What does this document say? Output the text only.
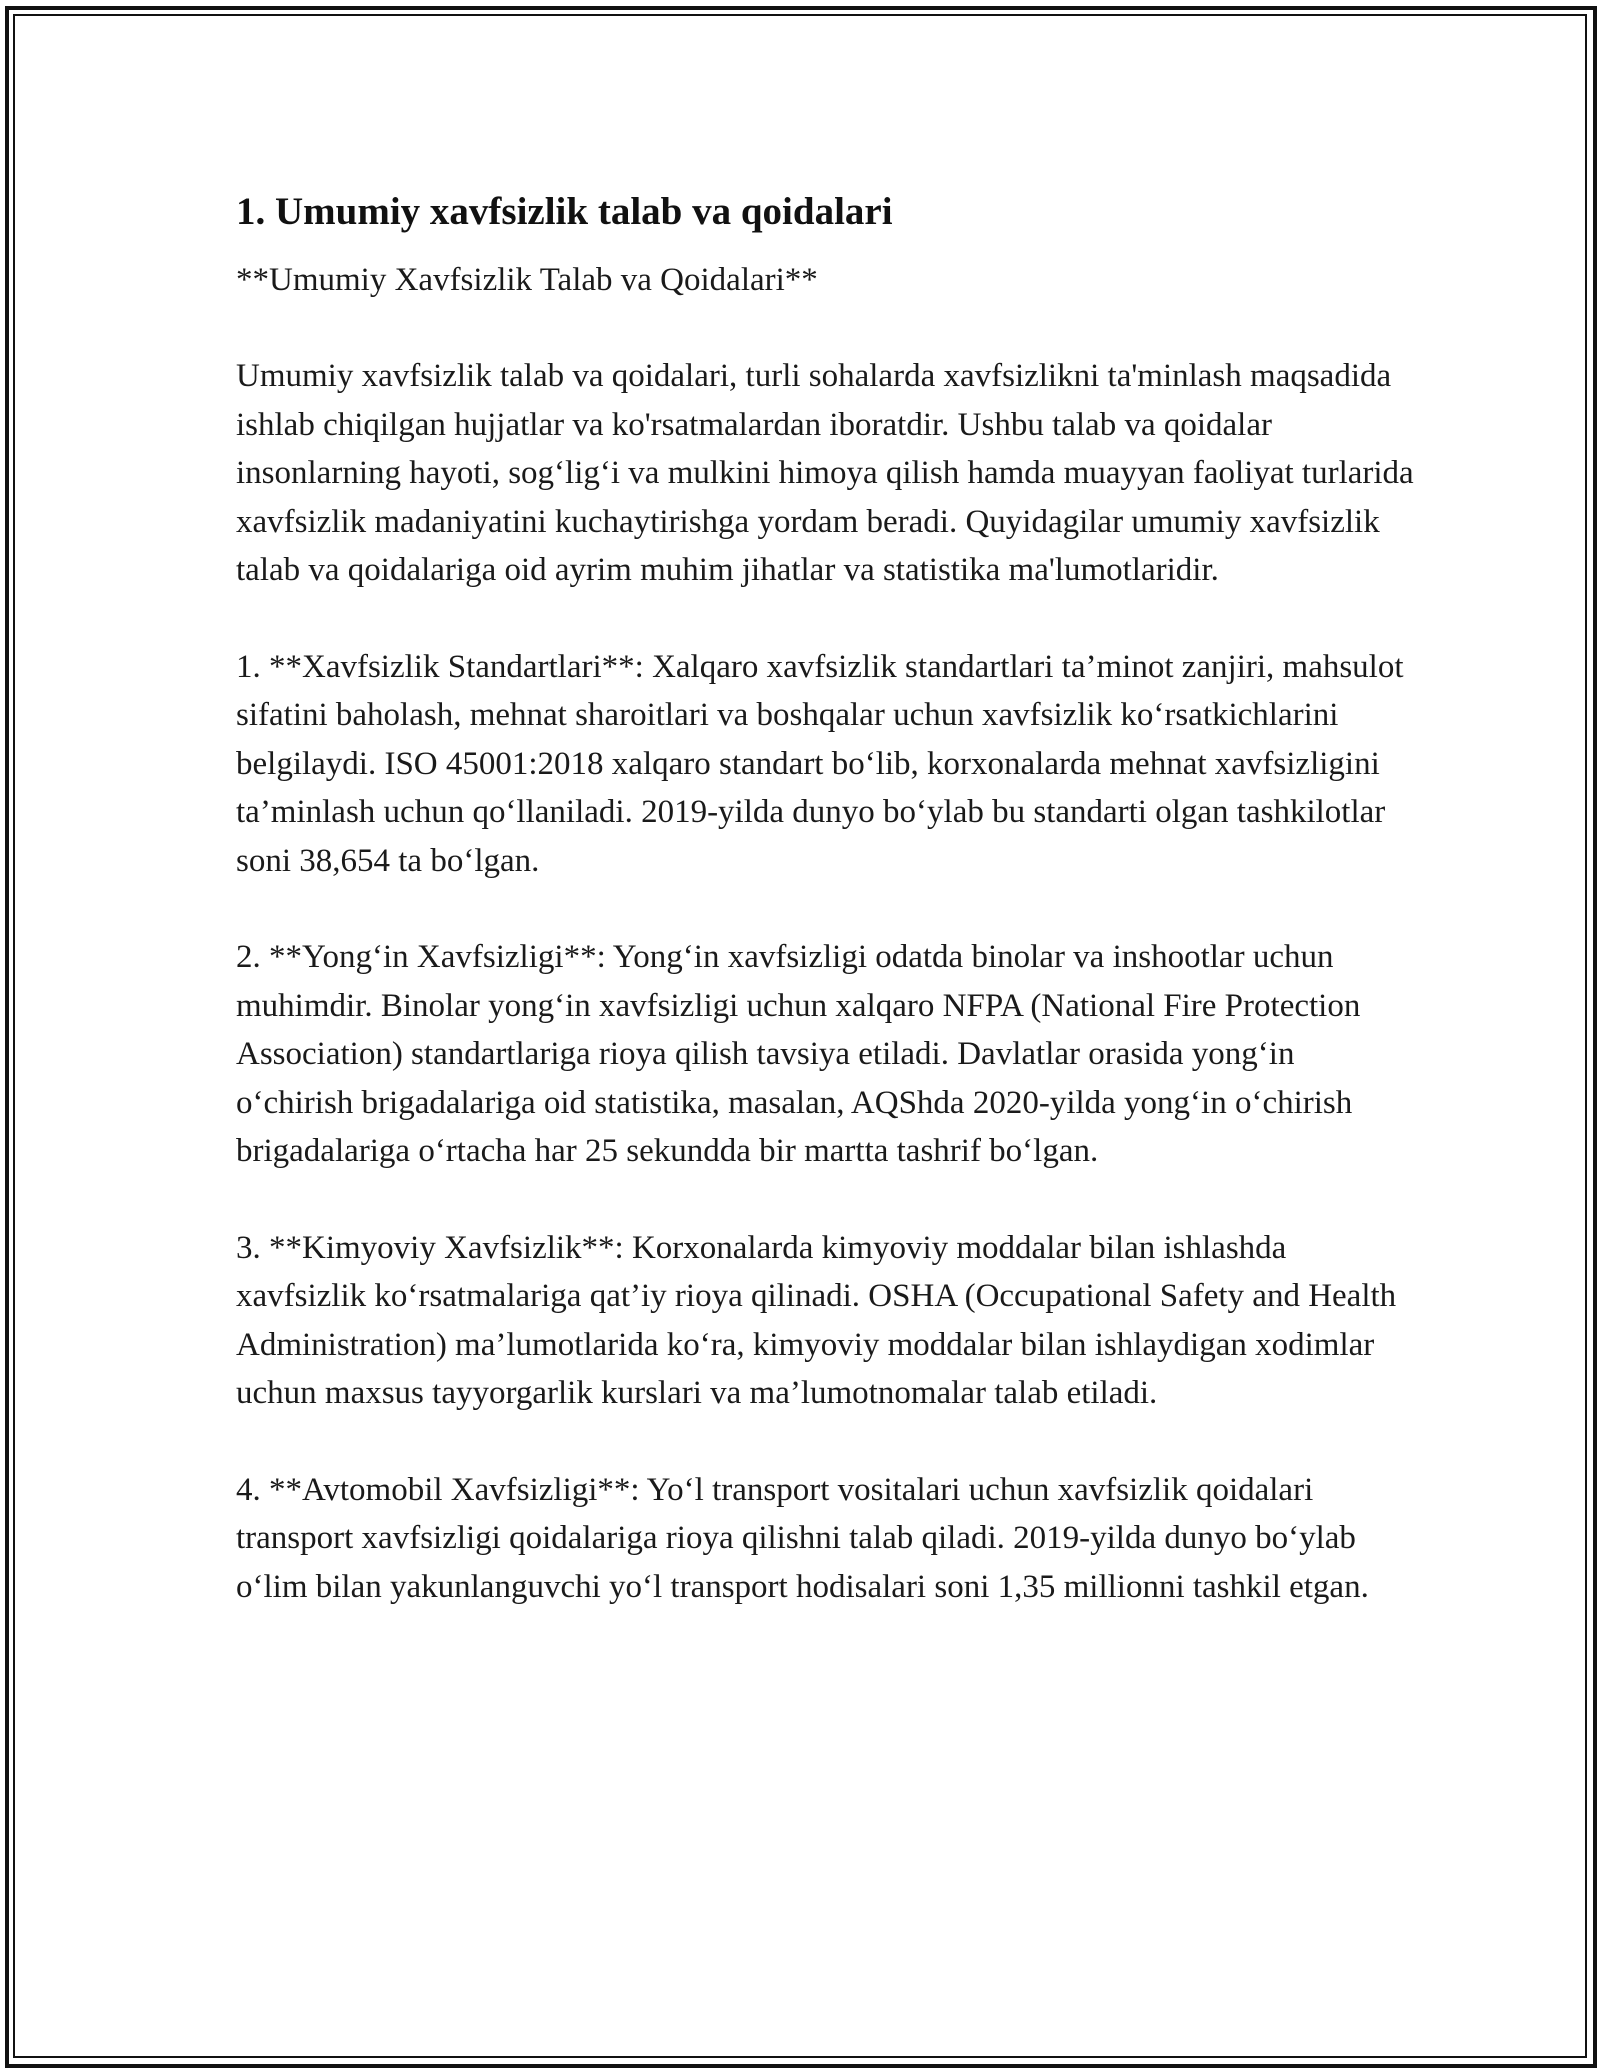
1. Umumiy xavfsizlik talab va qoidalari

**Umumiy Xavfsizlik Talab va Qoidalari**

Umumiy xavfsizlik talab va qoidalari, turli sohalarda xavfsizlikni ta'minlash maqsadida ishlab chiqilgan hujjatlar va ko'rsatmalardan iboratdir. Ushbu talab va qoidalar insonlarning hayoti, sog‘lig‘i va mulkini himoya qilish hamda muayyan faoliyat turlarida xavfsizlik madaniyatini kuchaytirishga yordam beradi. Quyidagilar umumiy xavfsizlik talab va qoidalariga oid ayrim muhim jihatlar va statistika ma'lumotlaridir.

1. **Xavfsizlik Standartlari**: Xalqaro xavfsizlik standartlari ta’minot zanjiri, mahsulot sifatini baholash, mehnat sharoitlari va boshqalar uchun xavfsizlik ko‘rsatkichlarini belgilaydi. ISO 45001:2018 xalqaro standart bo‘lib, korxonalarda mehnat xavfsizligini ta’minlash uchun qo‘llaniladi. 2019-yilda dunyo bo‘ylab bu standarti olgan tashkilotlar soni 38,654 ta bo‘lgan.

2. **Yong‘in Xavfsizligi**: Yong‘in xavfsizligi odatda binolar va inshootlar uchun muhimdir. Binolar yong‘in xavfsizligi uchun xalqaro NFPA (National Fire Protection Association) standartlariga rioya qilish tavsiya etiladi. Davlatlar orasida yong‘in o‘chirish brigadalariga oid statistika, masalan, AQShda 2020-yilda yong‘in o‘chirish brigadalariga o‘rtacha har 25 sekundda bir martta tashrif bo‘lgan.

3. **Kimyoviy Xavfsizlik**: Korxonalarda kimyoviy moddalar bilan ishlashda xavfsizlik ko‘rsatmalariga qat’iy rioya qilinadi. OSHA (Occupational Safety and Health Administration) ma’lumotlarida ko‘ra, kimyoviy moddalar bilan ishlaydigan xodimlar uchun maxsus tayyorgarlik kurslari va ma’lumotnomalar talab etiladi.

4. **Avtomobil Xavfsizligi**: Yo‘l transport vositalari uchun xavfsizlik qoidalari transport xavfsizligi qoidalariga rioya qilishni talab qiladi. 2019-yilda dunyo bo‘ylab o‘lim bilan yakunlanguvchi yo‘l transport hodisalari soni 1,35 millionni tashkil etgan.
